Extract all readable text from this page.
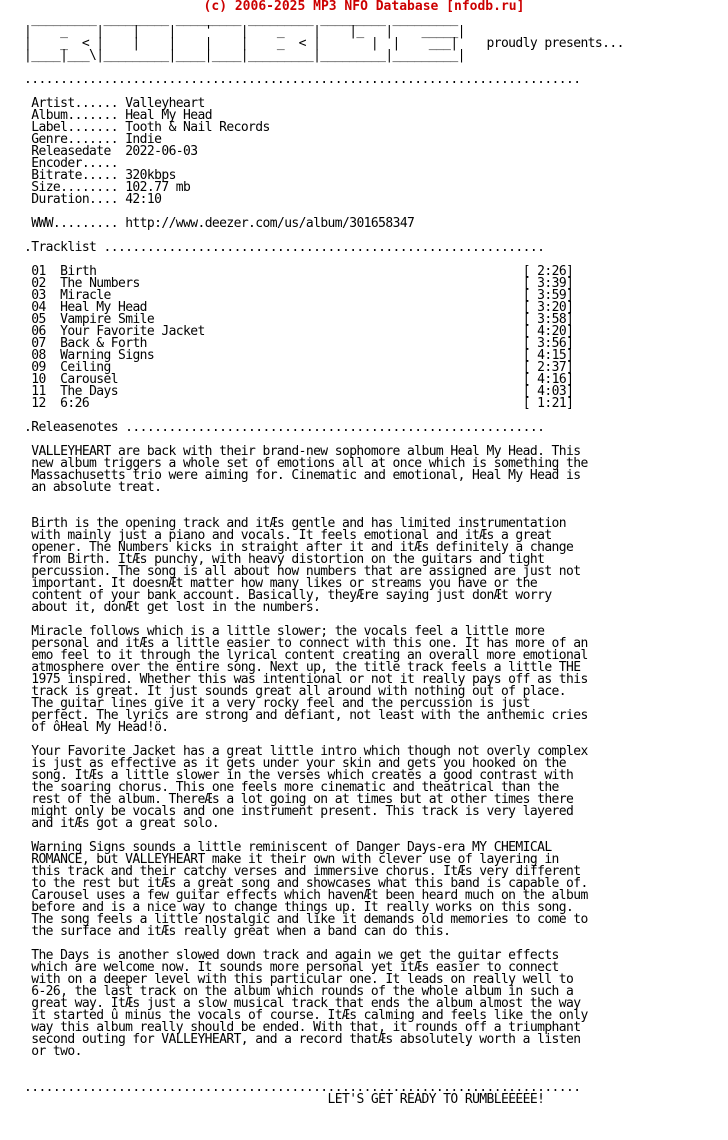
(c) 2006-2025 MP3 NFO Database [nfodb.ru]
_________ _________ _________ _________ _________ _________
|    _    |    |    |    '    |    _    |    |_   |    _____|
|    _  < |    |    |    |    |    _  < |       |  |    ___|    proudly presents...
|____|___\|_________|____|____|_________|_________|_________|

.............................................................................

Artist...... Valleyheart
Album....... Heal My Head
Label....... Tooth & Nail Records
Genre....... Indie
Releasedate 2022-06-03
Encoder.....
Bitrate..... 320kbps
Size........ 102.77 mb
Duration.... 42:10

WWW......... http://www.deezer.com/us/album/301658347

.Tracklist .............................................................

01 Birth	[ 2:26]
02 The Numbers	[ 3:39]
03 Miracle	[ 3:59]
04 Heal My Head	[ 3:20]
05 Vampire Smile	[ 3:58]
06 Your Favorite Jacket	[ 4:20]
07 Back & Forth	[ 3:56]
08 Warning Signs	[ 4:15]
09 Ceiling	[ 2:37]
10 Carousel	[ 4:16]
11 The Days	[ 4:03]
12 6:26	[ 1:21]

.Releasenotes ..........................................................

VALLEYHEART are back with their brand-new sophomore album Heal My Head. This
new album triggers a whole set of emotions all at once which is something the
Massachusetts trio were aiming for. Cinematic and emotional, Heal My Head is
an absolute treat.

Birth is the opening track and itÆs gentle and has limited instrumentation
with mainly just a piano and vocals. It feels emotional and itÆs a great
opener. The Numbers kicks in straight after it and itÆs definitely a change
from Birth. ItÆs punchy, with heavy distortion on the guitars and tight
percussion. The song is all about how numbers that are assigned are just not
important. It doesnÆt matter how many likes or streams you have or the
content of your bank account. Basically, theyÆre saying just donÆt worry
about it, donÆt get lost in the numbers.

Miracle follows which is a little slower; the vocals feel a little more
personal and itÆs a little easier to connect with this one. It has more of an
emo feel to it through the lyrical content creating an overall more emotional
atmosphere over the entire song. Next up, the title track feels a little THE
1975 inspired. Whether this was intentional or not it really pays off as this
track is great. It just sounds great all around with nothing out of place.
The guitar lines give it a very rocky feel and the percussion is just
perfect. The lyrics are strong and defiant, not least with the anthemic cries
of ôHeal My Head!ö.

Your Favorite Jacket has a great little intro which though not overly complex
is just as effective as it gets under your skin and gets you hooked on the
song. ItÆs a little slower in the verses which creates a good contrast with
the soaring chorus. This one feels more cinematic and theatrical than the
rest of the album. ThereÆs a lot going on at times but at other times there
might only be vocals and one instrument present. This track is very layered
and itÆs got a great solo.

Warning Signs sounds a little reminiscent of Danger Days-era MY CHEMICAL
ROMANCE, but VALLEYHEART make it their own with clever use of layering in
this track and their catchy verses and immersive chorus. ItÆs very different
to the rest but itÆs a great song and showcases what this band is capable of.
Carousel uses a few guitar effects which havenÆt been heard much on the album
before and is a nice way to change things up. It really works on this song.
The song feels a little nostalgic and like it demands old memories to come to
the surface and itÆs really great when a band can do this.

The Days is another slowed down track and again we get the guitar effects
which are welcome now. It sounds more personal yet itÆs easier to connect
with on a deeper level with this particular one. It leads on really well to
6-26, the last track on the album which rounds of the whole album in such a
great way. ItÆs just a slow musical track that ends the album almost the way
it started û minus the vocals of course. ItÆs calming and feels like the only
way this album really should be ended. With that, it rounds off a triumphant
second outing for VALLEYHEART, and a record thatÆs absolutely worth a listen
or two.

.............................................................................
LET'S GET READY TO RUMBLEEEEE!
